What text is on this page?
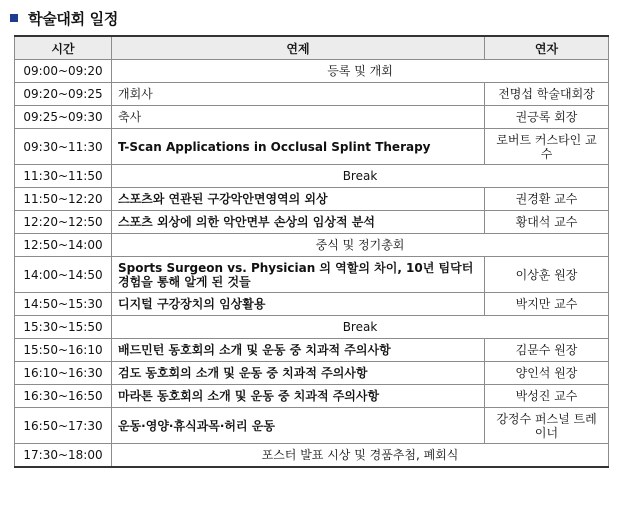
학술대회 일정
시간	연제	연자
09:00~09:20	등록 및 개회	
09:20~09:25	개회사	전명섭 학술대회장
09:25~09:30	축사	권긍록 회장
09:30~11:30	T-Scan Applications in Occlusal Splint Therapy	로버트 커스타인 교수
11:30~11:50	Break	
11:50~12:20	스포츠와 연관된 구강악안면영역의 외상	권경환 교수
12:20~12:50	스포츠 외상에 의한 악안면부 손상의 임상적 분석	황대석 교수
12:50~14:00	중식 및 정기총회	
14:00~14:50	Sports Surgeon vs. Physician 의 역할의 차이, 10년 팀닥터 경험을 통해 알게 된 것들	이상훈 원장
14:50~15:30	디지털 구강장치의 임상활용	박지만 교수
15:30~15:50	Break	
15:50~16:10	배드민턴 동호회의 소개 및 운동 중 치과적 주의사항	김문수 원장
16:10~16:30	검도 동호회의 소개 및 운동 중 치과적 주의사항	양인석 원장
16:30~16:50	마라톤 동호회의 소개 및 운동 중 치과적 주의사항	박성진 교수
16:50~17:30	운동·영양·휴식과목·허리 운동	강정수 퍼스널 트레이너
17:30~18:00	포스터 발표 시상 및 경품추첨, 폐회식	
